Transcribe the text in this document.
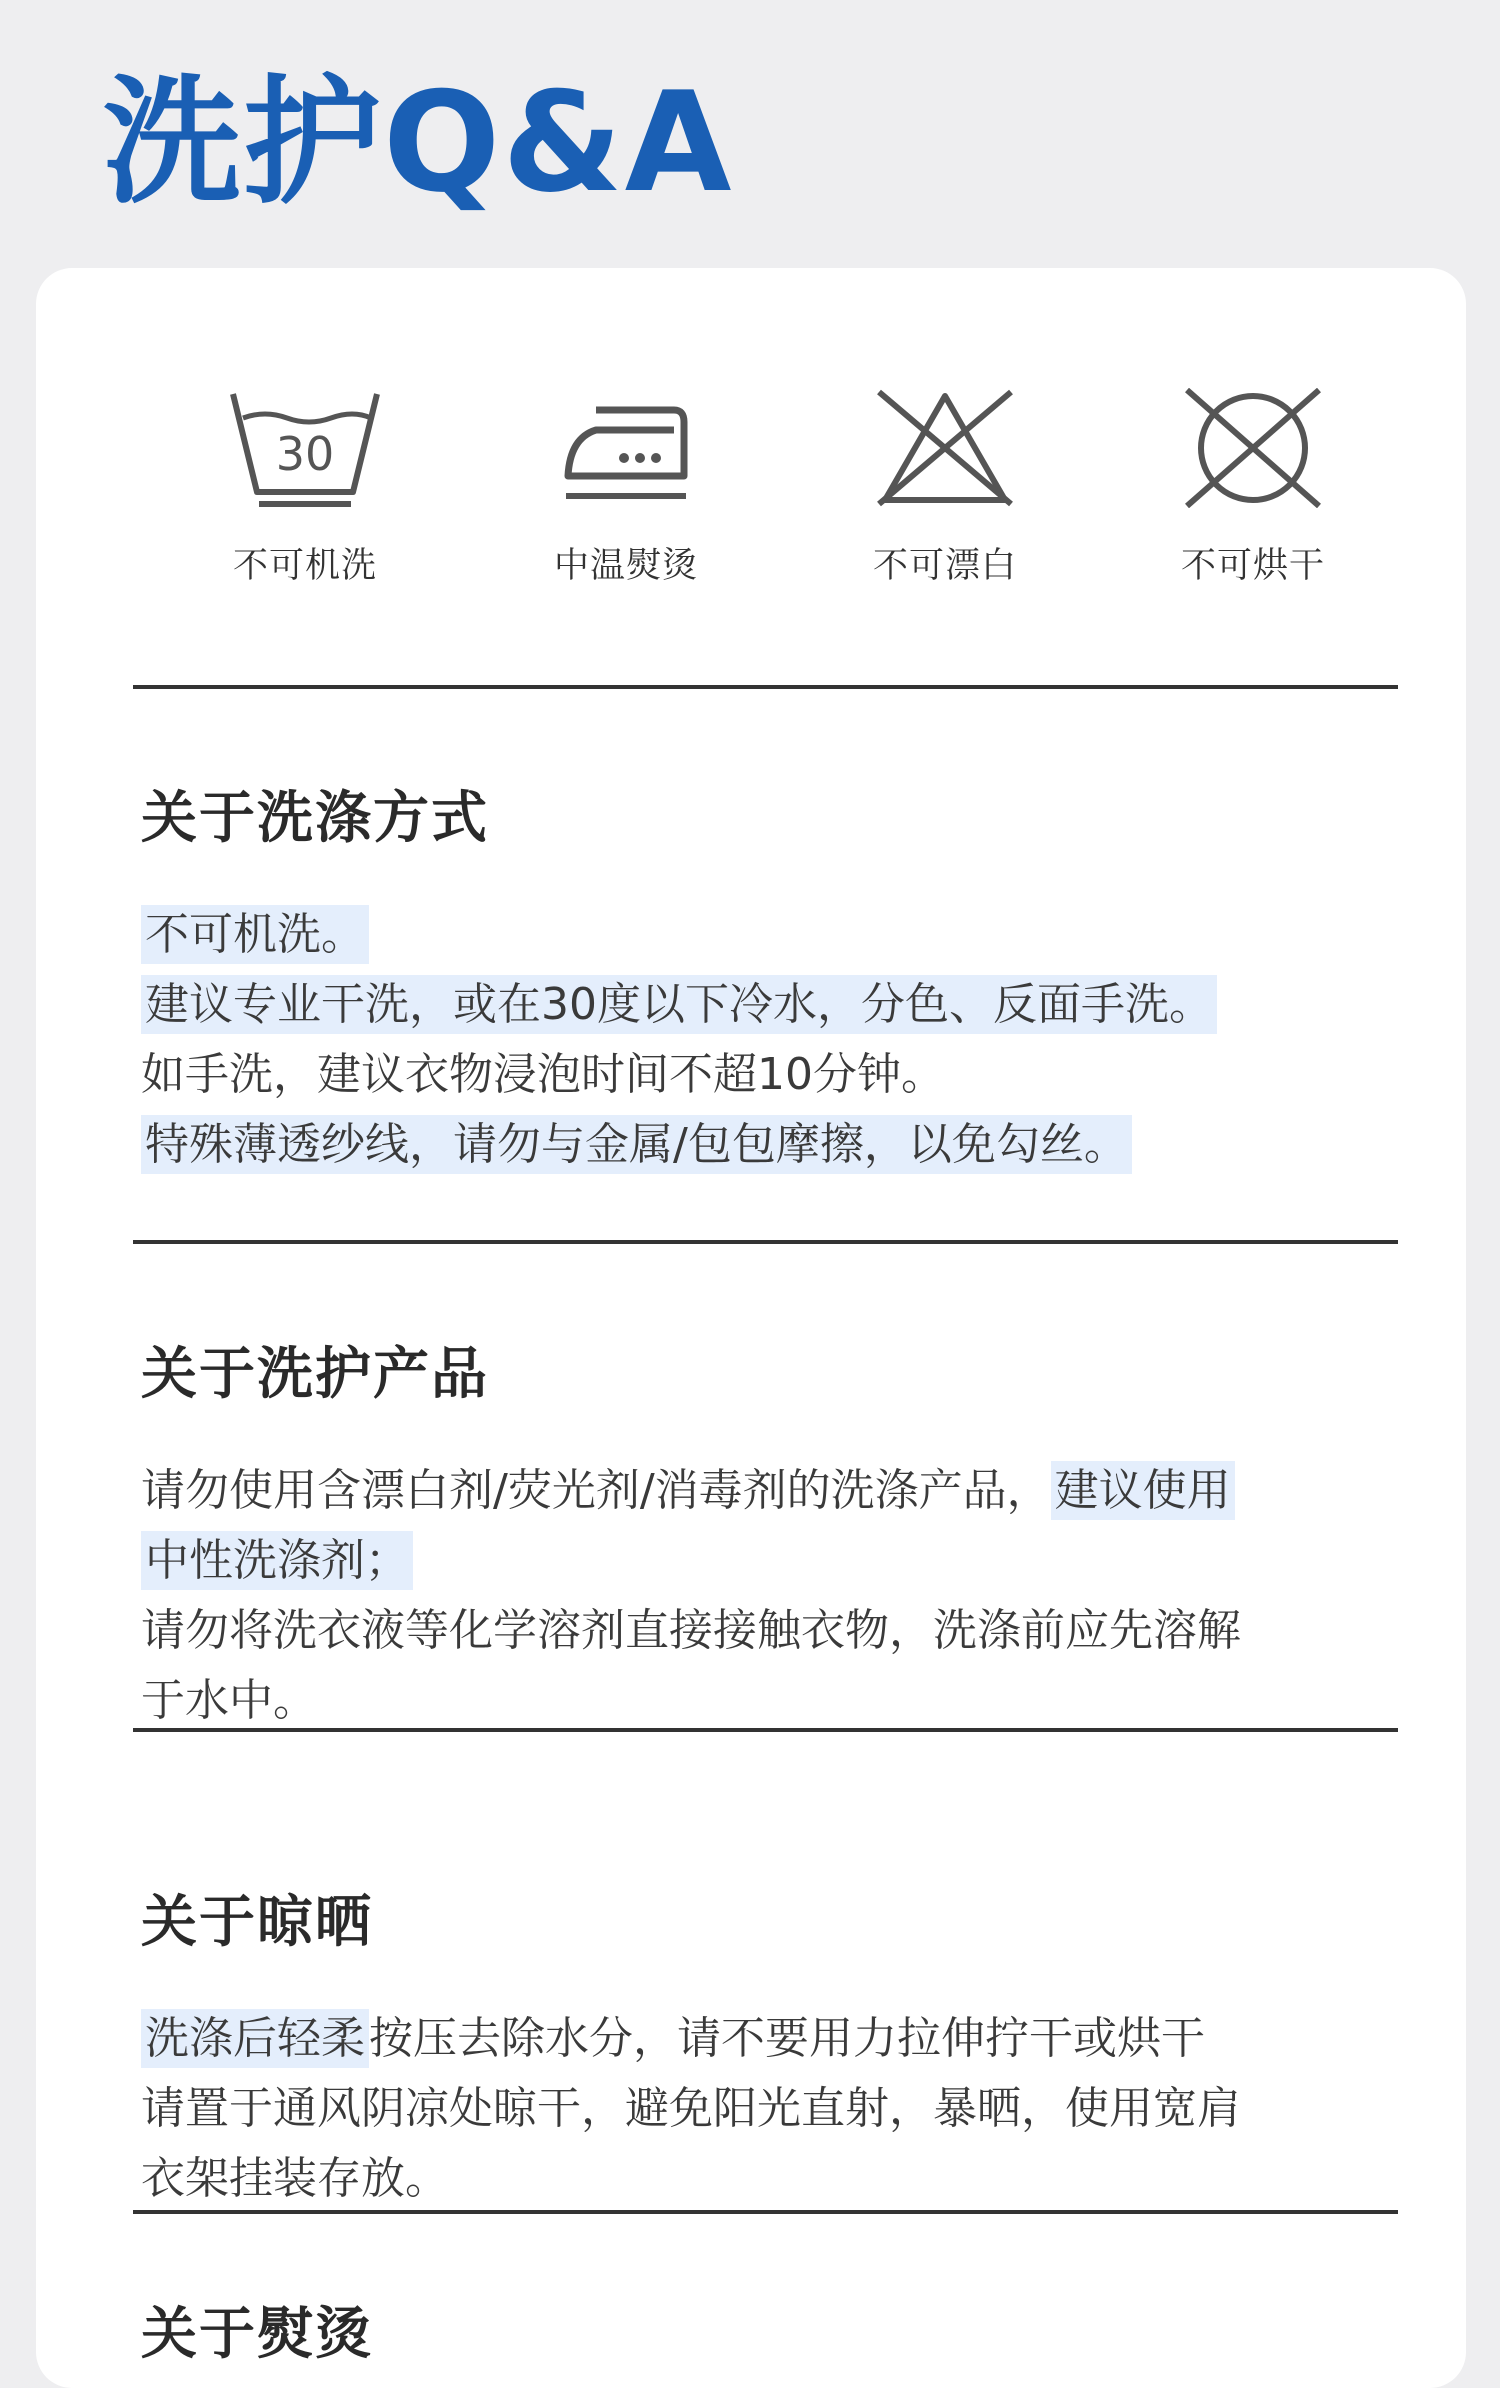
洗护Q&A
30
不可机洗	中温熨烫	不可漂白	不可烘干
关于洗涤方式
不可机洗。
建议专业干洗，或在30度以下冷水，分色、反面手洗。
如手洗，建议衣物浸泡时间不超10分钟。
特殊薄透纱线，请勿与金属/包包摩擦，以免勾丝。
关于洗护产品
请勿使用含漂白剂/荧光剂/消毒剂的洗涤产品，建议使用
中性洗涤剂；
请勿将洗衣液等化学溶剂直接接触衣物，洗涤前应先溶解
于水中。
关于晾晒
洗涤后轻柔按压去除水分，请不要用力拉伸拧干或烘干
请置于通风阴凉处晾干，避免阳光直射，暴晒，使用宽肩
衣架挂装存放。
关于熨烫
